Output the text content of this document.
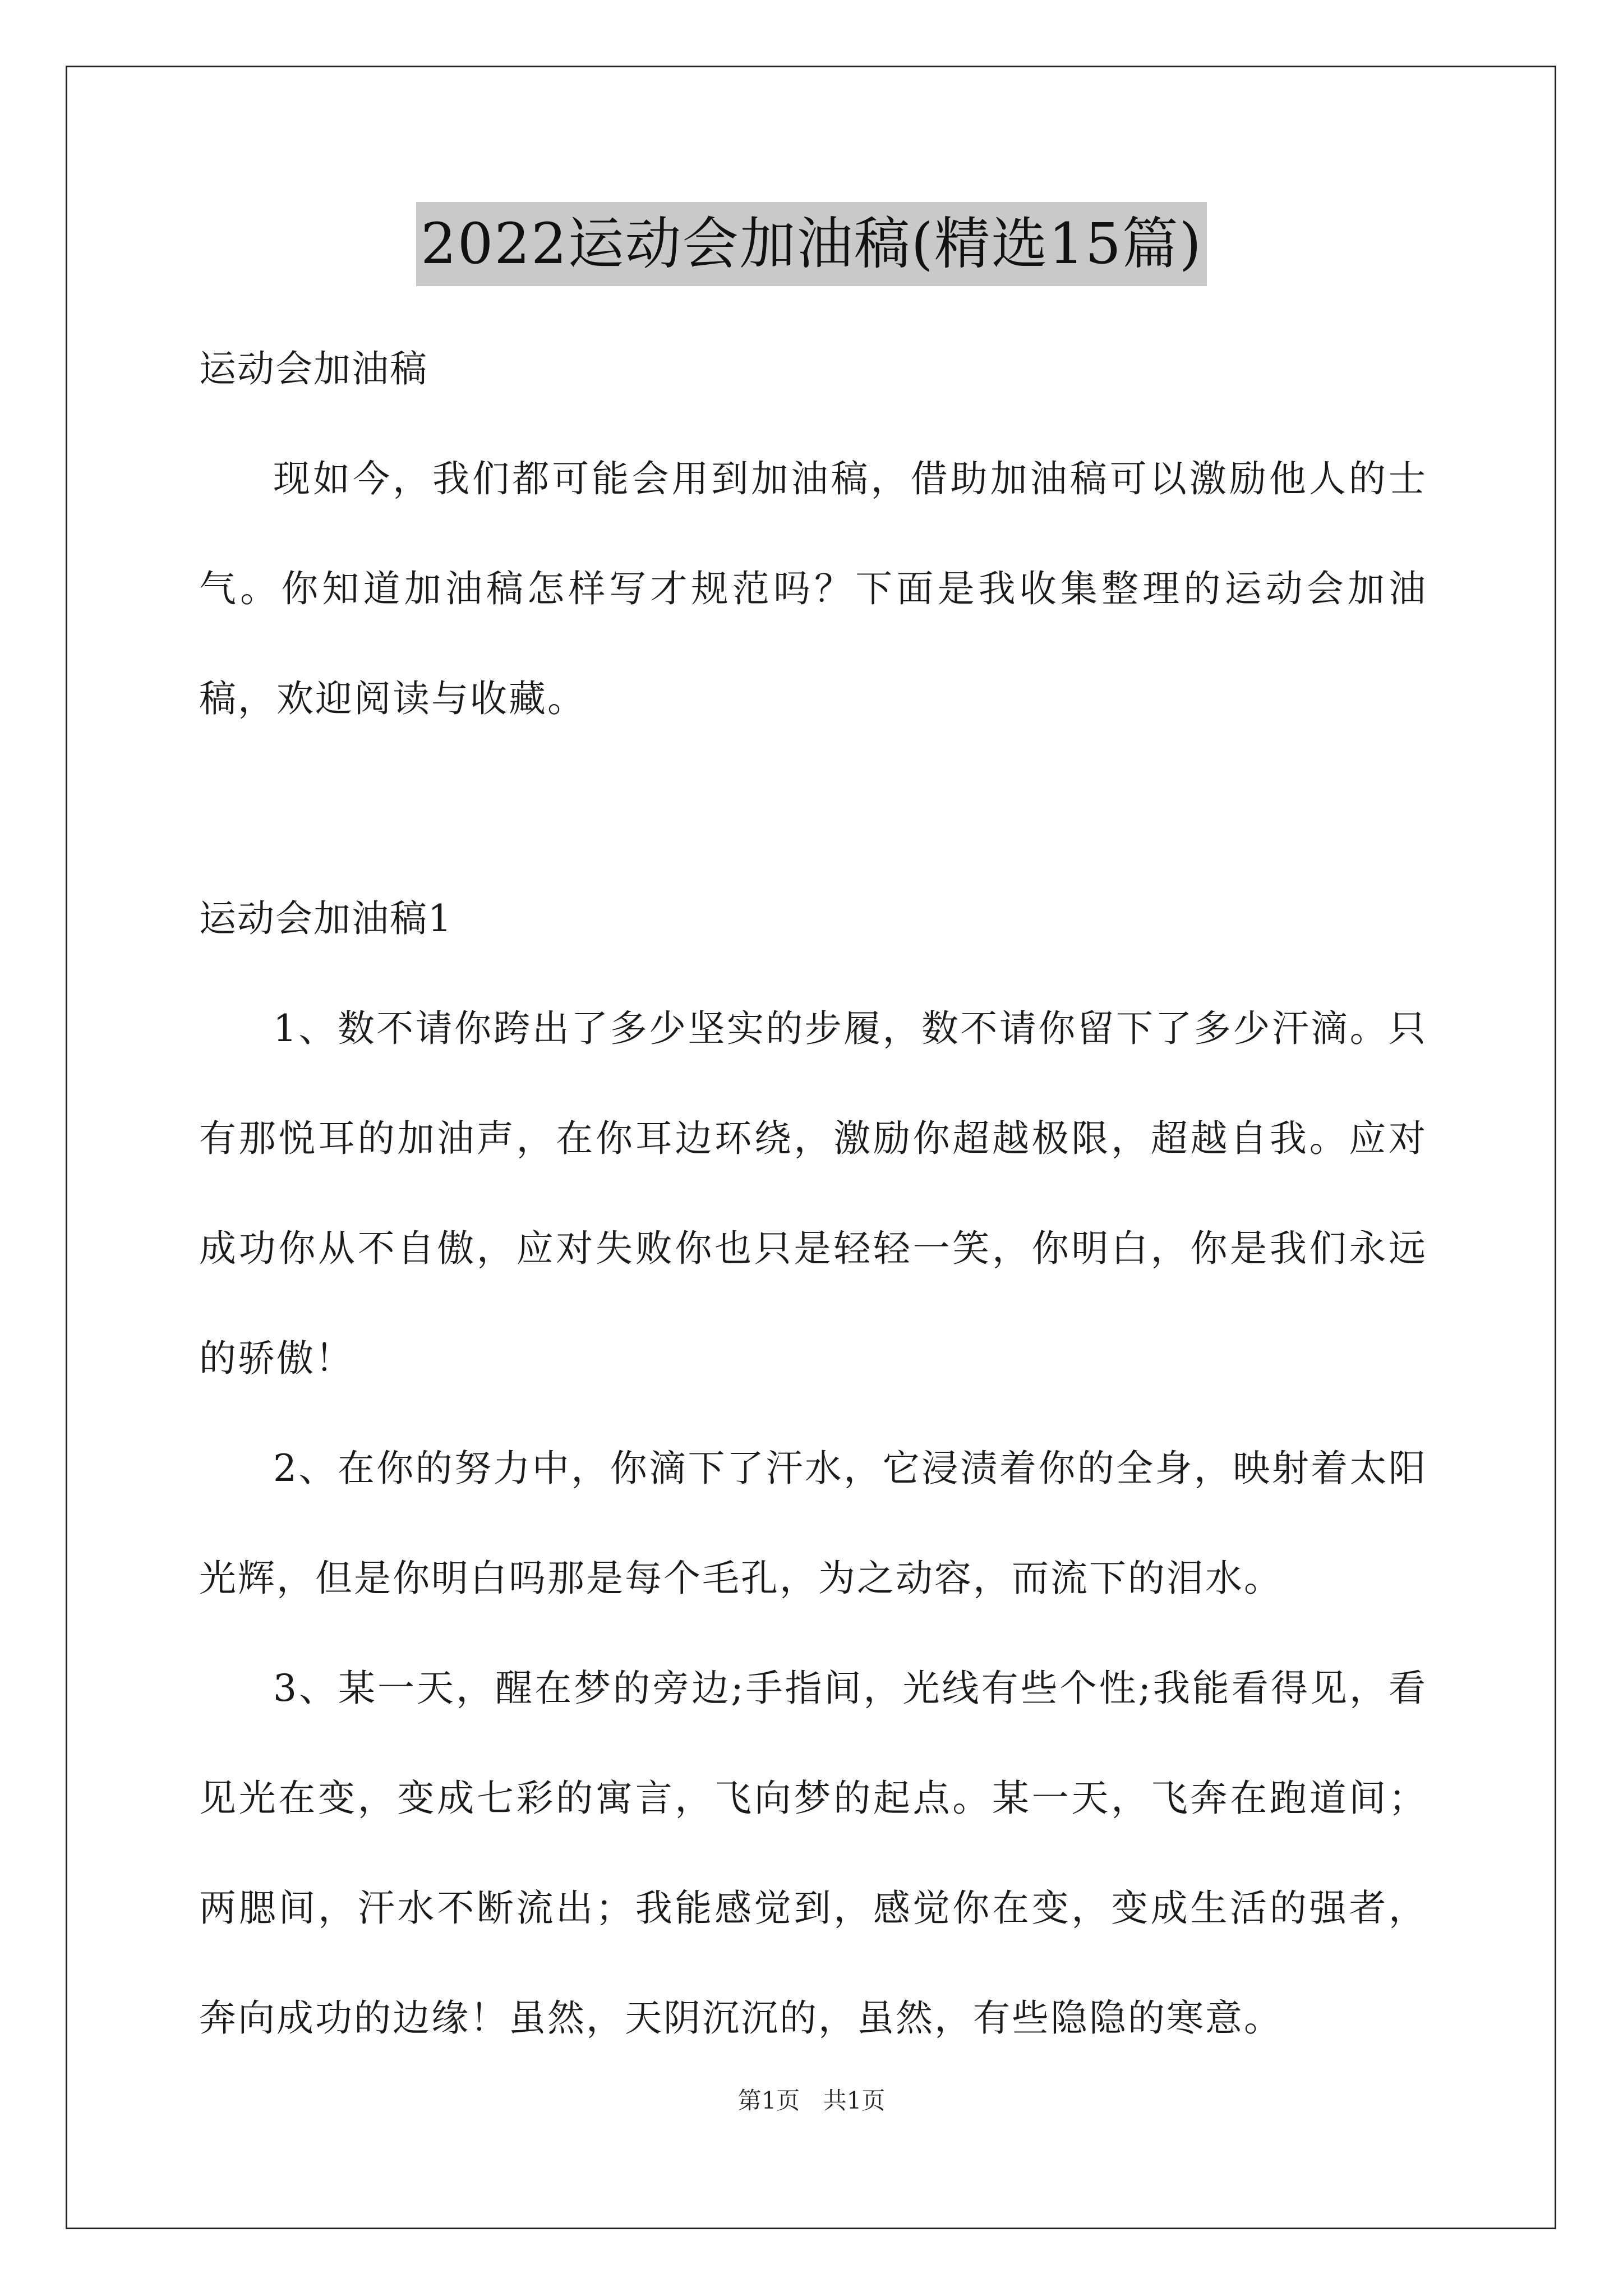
2022运动会加油稿(精选15篇)

运动会加油稿

现如今，我们都可能会用到加油稿，借助加油稿可以激励他人的士气。你知道加油稿怎样写才规范吗？下面是我收集整理的运动会加油稿，欢迎阅读与收藏。

运动会加油稿1

1、数不请你跨出了多少坚实的步履，数不请你留下了多少汗滴。只有那悦耳的加油声，在你耳边环绕，激励你超越极限，超越自我。应对成功你从不自傲，应对失败你也只是轻轻一笑，你明白，你是我们永远的骄傲！

2、在你的努力中，你滴下了汗水，它浸渍着你的全身，映射着太阳光辉，但是你明白吗那是每个毛孔，为之动容，而流下的泪水。

3、某一天，醒在梦的旁边;手指间，光线有些个性;我能看得见，看见光在变，变成七彩的寓言，飞向梦的起点。某一天，飞奔在跑道间；两腮间，汗水不断流出；我能感觉到，感觉你在变，变成生活的强者，奔向成功的边缘！虽然，天阴沉沉的，虽然，有些隐隐的寒意。

第1页 共1页
